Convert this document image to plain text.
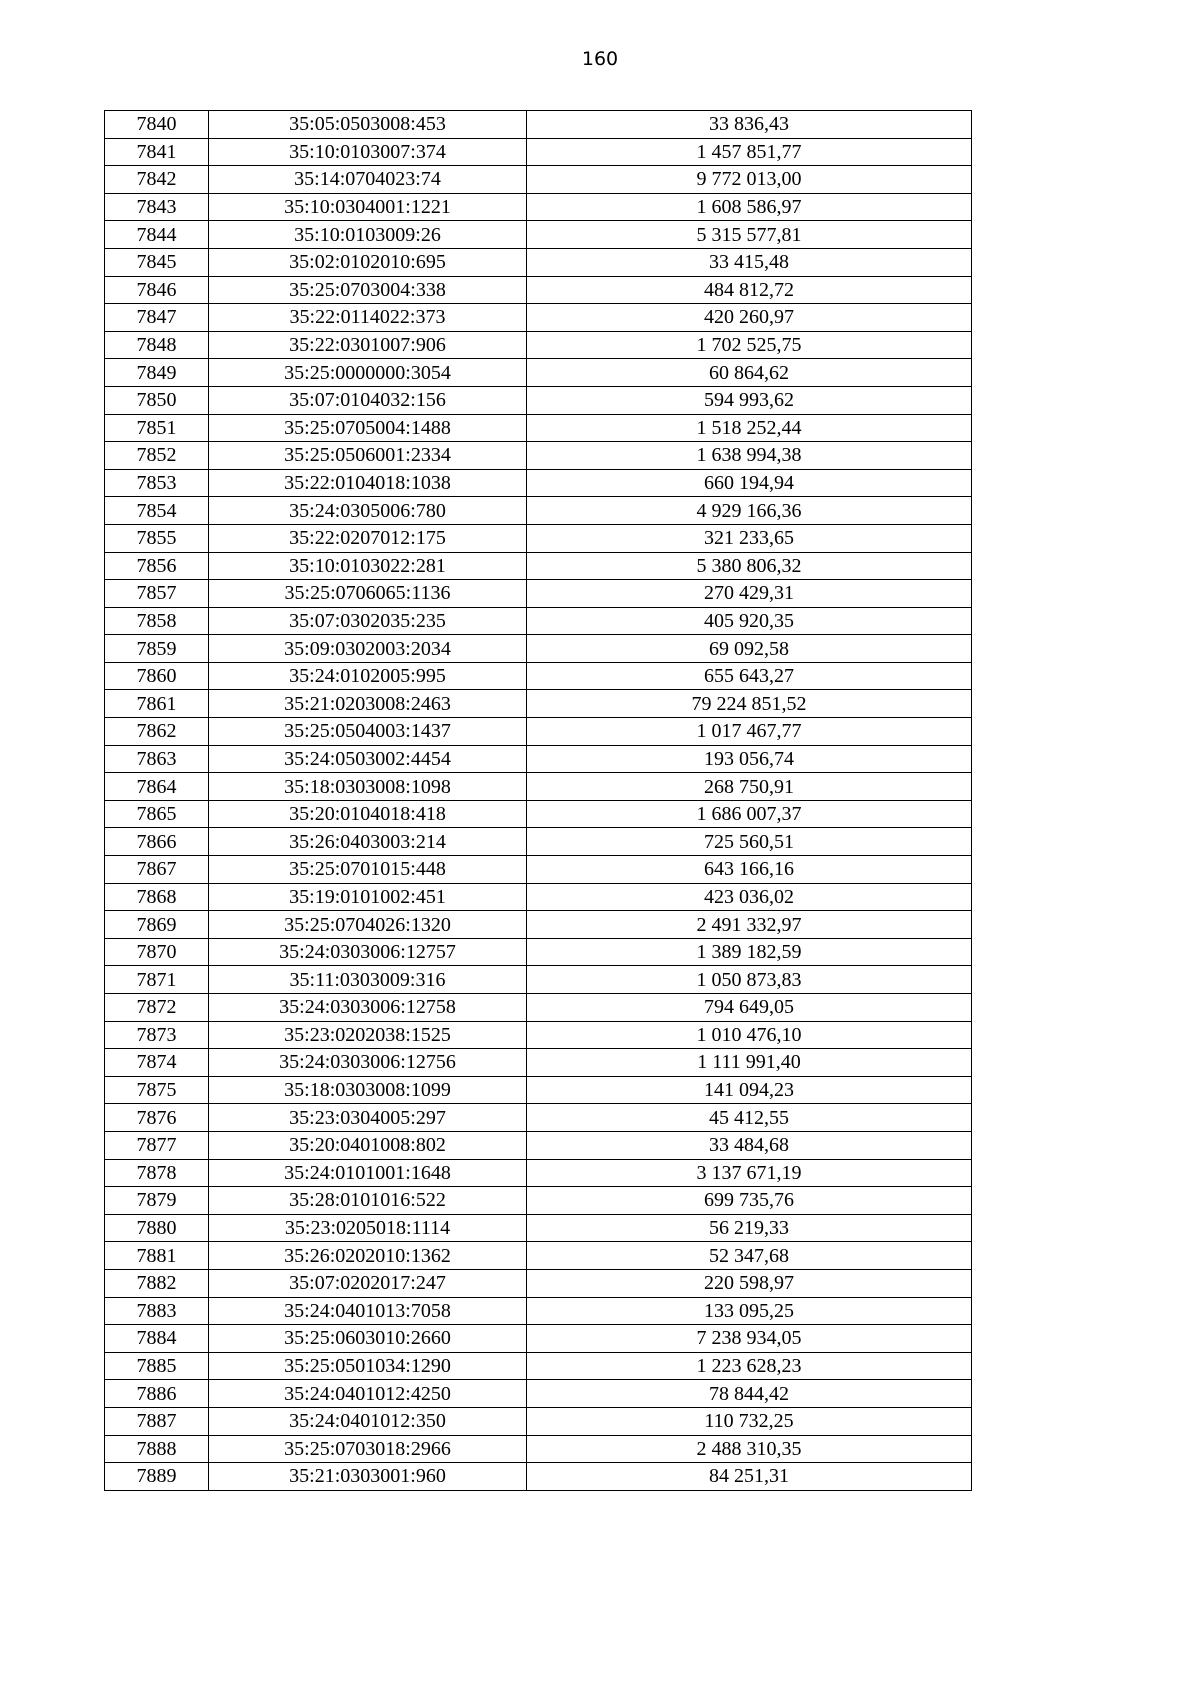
160
7840	35:05:0503008:453	33 836,43
7841	35:10:0103007:374	1 457 851,77
7842	35:14:0704023:74	9 772 013,00
7843	35:10:0304001:1221	1 608 586,97
7844	35:10:0103009:26	5 315 577,81
7845	35:02:0102010:695	33 415,48
7846	35:25:0703004:338	484 812,72
7847	35:22:0114022:373	420 260,97
7848	35:22:0301007:906	1 702 525,75
7849	35:25:0000000:3054	60 864,62
7850	35:07:0104032:156	594 993,62
7851	35:25:0705004:1488	1 518 252,44
7852	35:25:0506001:2334	1 638 994,38
7853	35:22:0104018:1038	660 194,94
7854	35:24:0305006:780	4 929 166,36
7855	35:22:0207012:175	321 233,65
7856	35:10:0103022:281	5 380 806,32
7857	35:25:0706065:1136	270 429,31
7858	35:07:0302035:235	405 920,35
7859	35:09:0302003:2034	69 092,58
7860	35:24:0102005:995	655 643,27
7861	35:21:0203008:2463	79 224 851,52
7862	35:25:0504003:1437	1 017 467,77
7863	35:24:0503002:4454	193 056,74
7864	35:18:0303008:1098	268 750,91
7865	35:20:0104018:418	1 686 007,37
7866	35:26:0403003:214	725 560,51
7867	35:25:0701015:448	643 166,16
7868	35:19:0101002:451	423 036,02
7869	35:25:0704026:1320	2 491 332,97
7870	35:24:0303006:12757	1 389 182,59
7871	35:11:0303009:316	1 050 873,83
7872	35:24:0303006:12758	794 649,05
7873	35:23:0202038:1525	1 010 476,10
7874	35:24:0303006:12756	1 111 991,40
7875	35:18:0303008:1099	141 094,23
7876	35:23:0304005:297	45 412,55
7877	35:20:0401008:802	33 484,68
7878	35:24:0101001:1648	3 137 671,19
7879	35:28:0101016:522	699 735,76
7880	35:23:0205018:1114	56 219,33
7881	35:26:0202010:1362	52 347,68
7882	35:07:0202017:247	220 598,97
7883	35:24:0401013:7058	133 095,25
7884	35:25:0603010:2660	7 238 934,05
7885	35:25:0501034:1290	1 223 628,23
7886	35:24:0401012:4250	78 844,42
7887	35:24:0401012:350	110 732,25
7888	35:25:0703018:2966	2 488 310,35
7889	35:21:0303001:960	84 251,31
